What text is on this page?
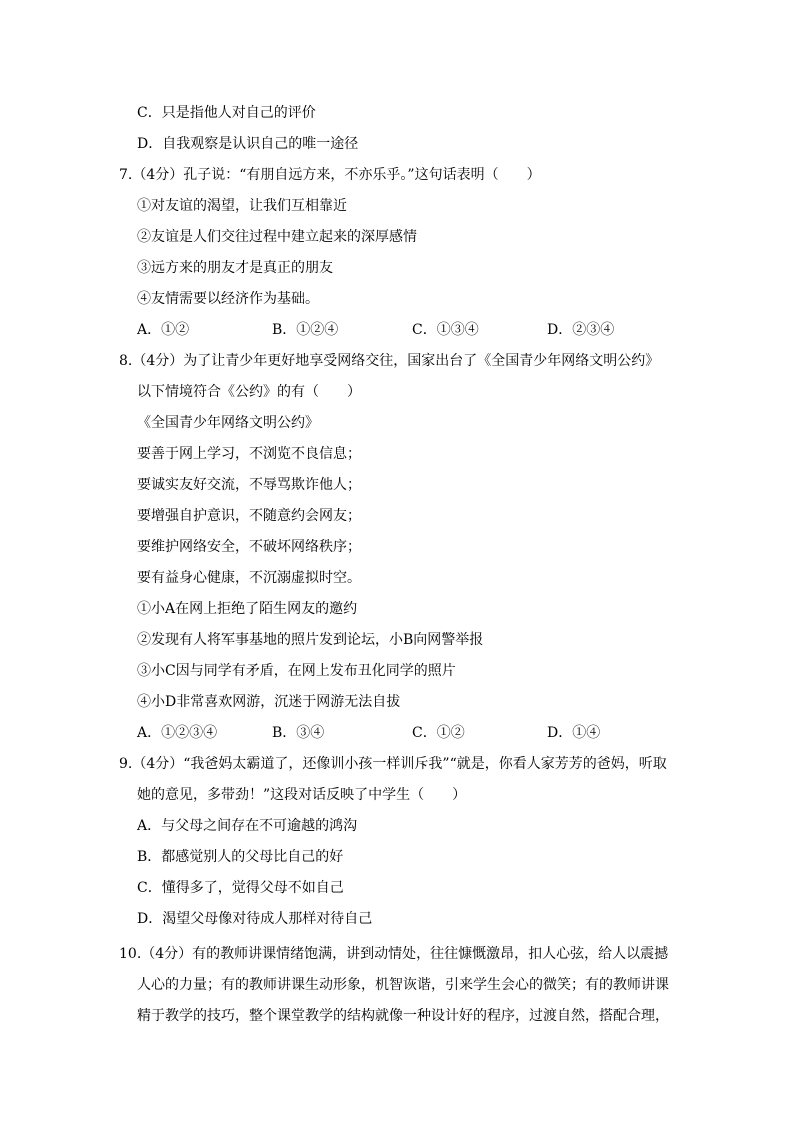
C．只是指他人对自己的评价
D．自我观察是认识自己的唯一途径
7.（4分）孔子说：“有朋自远方来，不亦乐乎。”这句话表明（　　）
①对友谊的渴望，让我们互相靠近
②友谊是人们交往过程中建立起来的深厚感情
③远方来的朋友才是真正的朋友
④友情需要以经济作为基础。
A．①②	B．①②④	C．①③④	D．②③④
8.（4分）为了让青少年更好地享受网络交往，国家出台了《全国青少年网络文明公约》
以下情境符合《公约》的有（　　）
《全国青少年网络文明公约》
要善于网上学习，不浏览不良信息；
要诚实友好交流，不辱骂欺诈他人；
要增强自护意识，不随意约会网友；
要维护网络安全，不破坏网络秩序；
要有益身心健康，不沉溺虚拟时空。
①小A在网上拒绝了陌生网友的邀约
②发现有人将军事基地的照片发到论坛，小B向网警举报
③小C因与同学有矛盾，在网上发布丑化同学的照片
④小D非常喜欢网游，沉迷于网游无法自拔
A．①②③④	B．③④	C．①②	D．①④
9.（4分）“我爸妈太霸道了，还像训小孩一样训斥我”“就是，你看人家芳芳的爸妈，听取
她的意见，多带劲！”这段对话反映了中学生（　　）
A．与父母之间存在不可逾越的鸿沟
B．都感觉别人的父母比自己的好
C．懂得多了，觉得父母不如自己
D．渴望父母像对待成人那样对待自己
10.（4分）有的教师讲课情绪饱满，讲到动情处，往往慷慨激昂，扣人心弦，给人以震撼
人心的力量；有的教师讲课生动形象，机智诙谐，引来学生会心的微笑；有的教师讲课
精于教学的技巧，整个课堂教学的结构就像一种设计好的程序，过渡自然，搭配合理，
